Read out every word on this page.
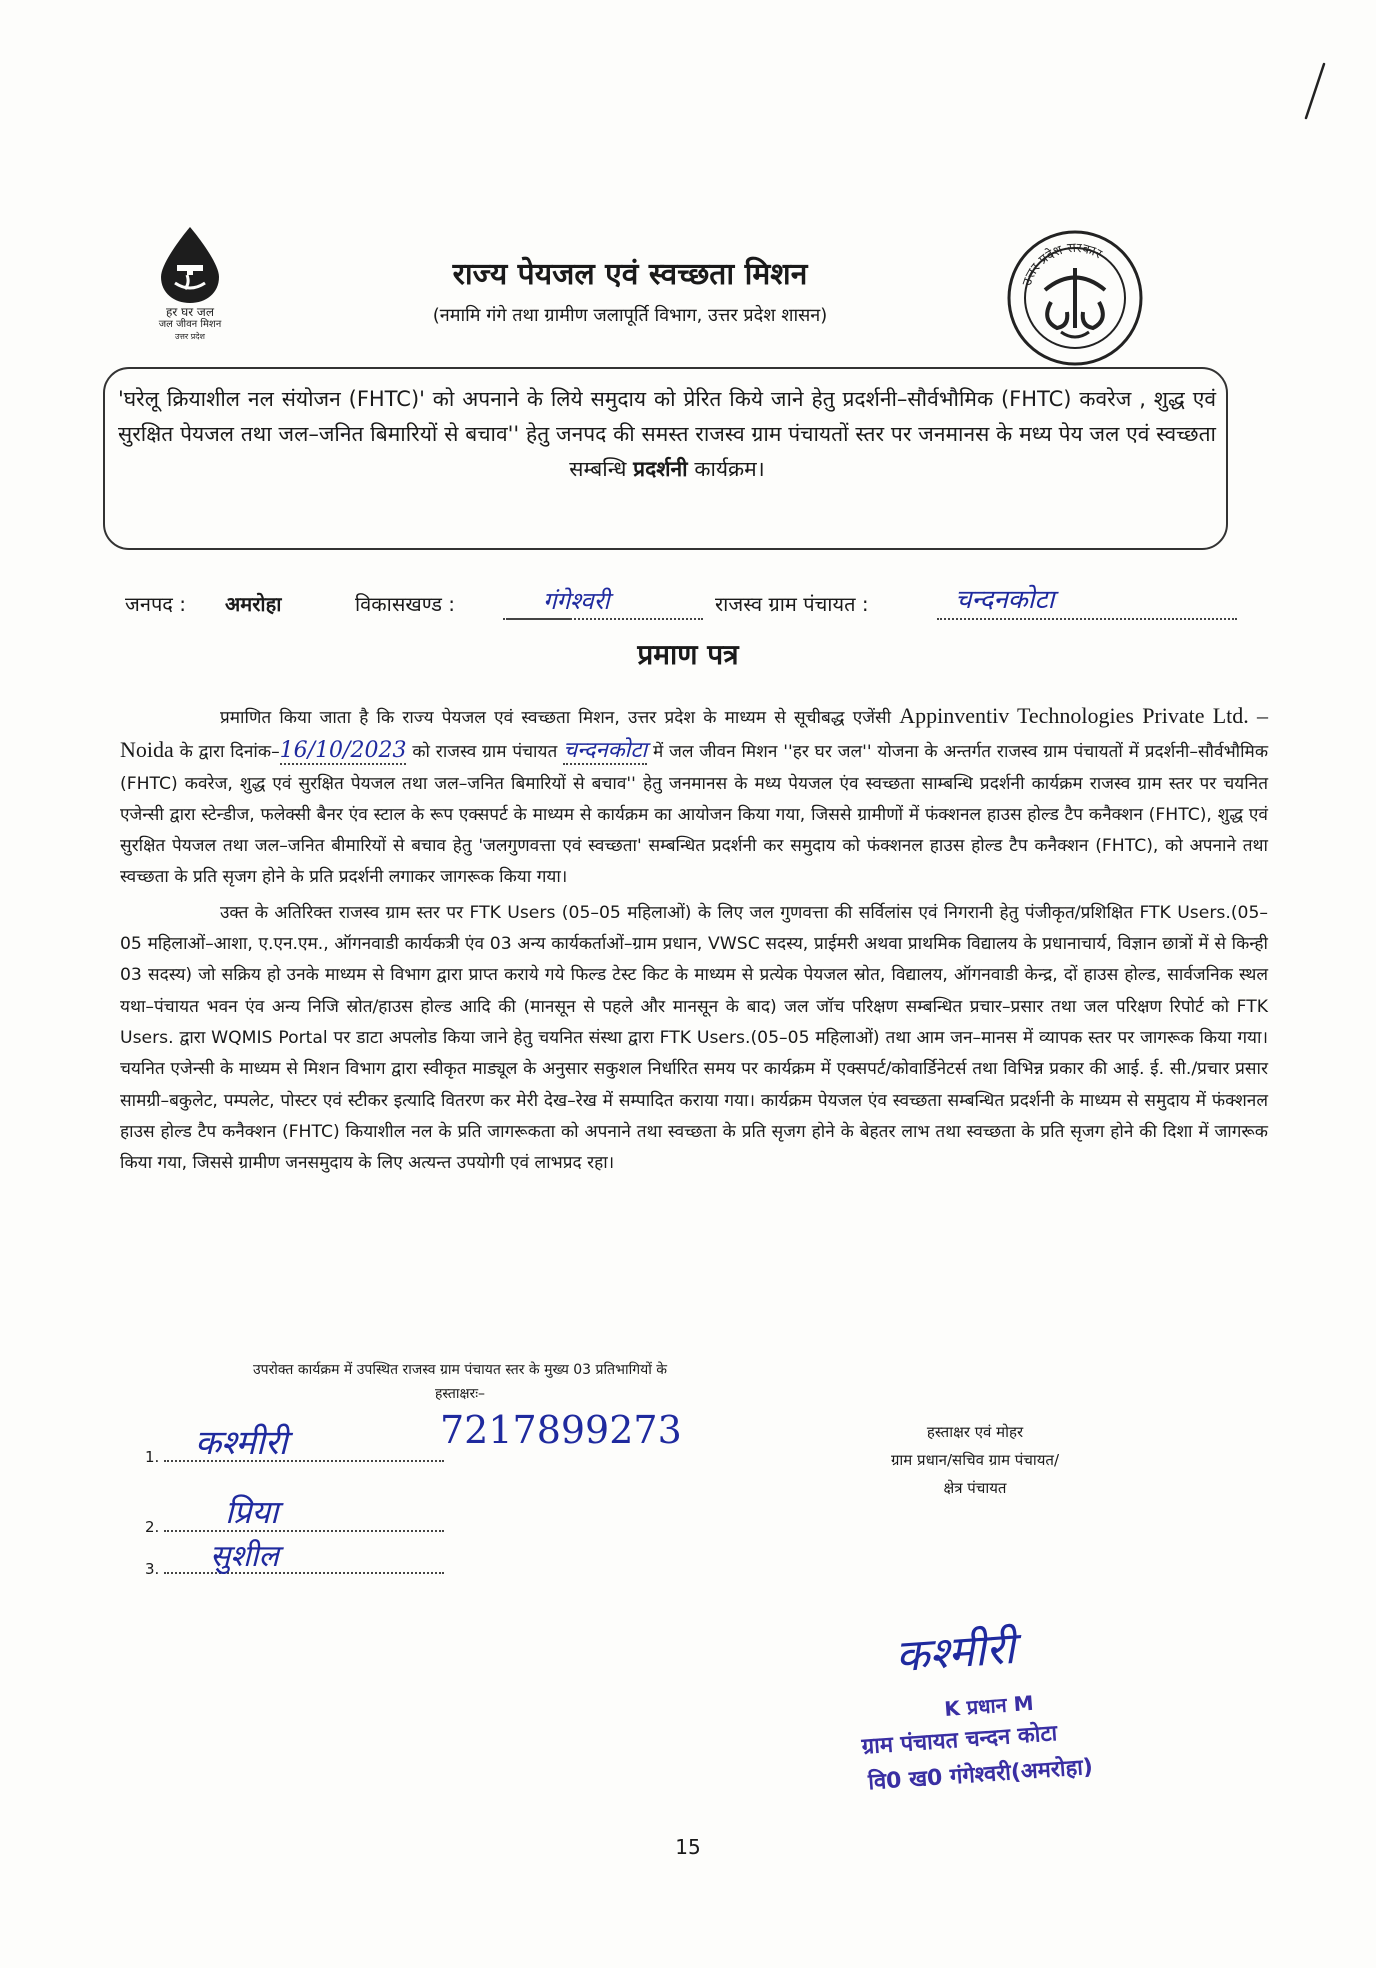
हर घर जल
जल जीवन मिशन
उत्तर प्रदेश
उत्तर प्रदेश सरकार
राज्य पेयजल एवं स्वच्छता मिशन
(नमामि गंगे तथा ग्रामीण जलापूर्ति विभाग, उत्तर प्रदेश शासन)
'घरेलू क्रियाशील नल संयोजन (FHTC)' को अपनाने के लिये समुदाय को प्रेरित किये जाने हेतु प्रदर्शनी–सौर्वभौमिक (FHTC) कवरेज , शुद्ध एवं सुरक्षित पेयजल तथा जल–जनित बिमारियों से बचाव'' हेतु जनपद की समस्त राजस्व ग्राम पंचायतों स्तर पर जनमानस के मध्य पेय जल एवं स्वच्छता सम्बन्धि प्रदर्शनी कार्यक्रम।
जनपद : अमरोहा	विकासखण्ड :	गंगेश्वरी	राजस्व ग्राम पंचायत :	चन्दनकोटा
प्रमाण पत्र

प्रमाणित किया जाता है कि राज्य पेयजल एवं स्वच्छता मिशन, उत्तर प्रदेश के माध्यम से सूचीबद्ध एजेंसी Appinventiv Technologies Private Ltd. – Noida के द्वारा दिनांक–16/10/2023 को राजस्व ग्राम पंचायत चन्दनकोटा में जल जीवन मिशन ''हर घर जल'' योजना के अन्तर्गत राजस्व ग्राम पंचायतों में प्रदर्शनी–सौर्वभौमिक (FHTC) कवरेज, शुद्ध एवं सुरक्षित पेयजल तथा जल–जनित बिमारियों से बचाव'' हेतु जनमानस के मध्य पेयजल एंव स्वच्छता साम्बन्धि प्रदर्शनी कार्यक्रम राजस्व ग्राम स्तर पर चयनित एजेन्सी द्वारा स्टेन्डीज, फलेक्सी बैनर एंव स्टाल के रूप एक्सपर्ट के माध्यम से कार्यक्रम का आयोजन किया गया, जिससे ग्रामीणों में फंक्शनल हाउस होल्ड टैप कनैक्शन (FHTC), शुद्ध एवं सुरक्षित पेयजल तथा जल–जनित बीमारियों से बचाव हेतु 'जलगुणवत्ता एवं स्वच्छता' सम्बन्धित प्रदर्शनी कर समुदाय को फंक्शनल हाउस होल्ड टैप कनैक्शन (FHTC), को अपनाने तथा स्वच्छता के प्रति सृजग होने के प्रति प्रदर्शनी लगाकर जागरूक किया गया।

उक्त के अतिरिक्त राजस्व ग्राम स्तर पर FTK Users (05–05 महिलाओं) के लिए जल गुणवत्ता की सर्विलांस एवं निगरानी हेतु पंजीकृत/प्रशिक्षित FTK Users.(05–05 महिलाओं–आशा, ए.एन.एम., ऑगनवाडी कार्यकत्री एंव 03 अन्य कार्यकर्ताओं–ग्राम प्रधान, VWSC सदस्य, प्राईमरी अथवा प्राथमिक विद्यालय के प्रधानाचार्य, विज्ञान छात्रों में से किन्ही 03 सदस्य) जो सक्रिय हो उनके माध्यम से विभाग द्वारा प्राप्त कराये गये फिल्ड टेस्ट किट के माध्यम से प्रत्येक पेयजल स्रोत, विद्यालय, ऑगनवाडी केन्द्र, दों हाउस होल्ड, सार्वजनिक स्थल यथा–पंचायत भवन एंव अन्य निजि स्रोत/हाउस होल्ड आदि की (मानसून से पहले और मानसून के बाद) जल जॉच परिक्षण सम्बन्धित प्रचार–प्रसार तथा जल परिक्षण रिपोर्ट को FTK Users. द्वारा WQMIS Portal पर डाटा अपलोड किया जाने हेतु चयनित संस्था द्वारा FTK Users.(05–05 महिलाओं) तथा आम जन–मानस में व्यापक स्तर पर जागरूक किया गया। चयनित एजेन्सी के माध्यम से मिशन विभाग द्वारा स्वीकृत माड्यूल के अनुसार सकुशल निर्धारित समय पर कार्यक्रम में एक्सपर्ट/कोवार्डिनेटर्स तथा विभिन्न प्रकार की आई. ई. सी./प्रचार प्रसार सामग्री–बकुलेट, पम्पलेट, पोस्टर एवं स्टीकर इत्यादि वितरण कर मेरी देख–रेख में सम्पादित कराया गया। कार्यक्रम पेयजल एंव स्वच्छता सम्बन्धित प्रदर्शनी के माध्यम से समुदाय में फंक्शनल हाउस होल्ड टैप कनैक्शन (FHTC) कियाशील नल के प्रति जागरूकता को अपनाने तथा स्वच्छता के प्रति सृजग होने के बेहतर लाभ तथा स्वच्छता के प्रति सृजग होने की दिशा में जागरूक किया गया, जिससे ग्रामीण जनसमुदाय के लिए अत्यन्त उपयोगी एवं लाभप्रद रहा।

उपरोक्त कार्यक्रम में उपस्थित राजस्व ग्राम पंचायत स्तर के मुख्य 03 प्रतिभागियों के
हस्ताक्षरः–
1.	कश्मीरी	7217899273
2.	प्रिया
3.	सुशील
हस्ताक्षर एवं मोहर
ग्राम प्रधान/सचिव ग्राम पंचायत/
क्षेत्र पंचायत
कश्मीरी
K प्रधान M
ग्राम पंचायत चन्दन कोटा
वि0 ख0 गंगेश्वरी(अमरोहा)
15
